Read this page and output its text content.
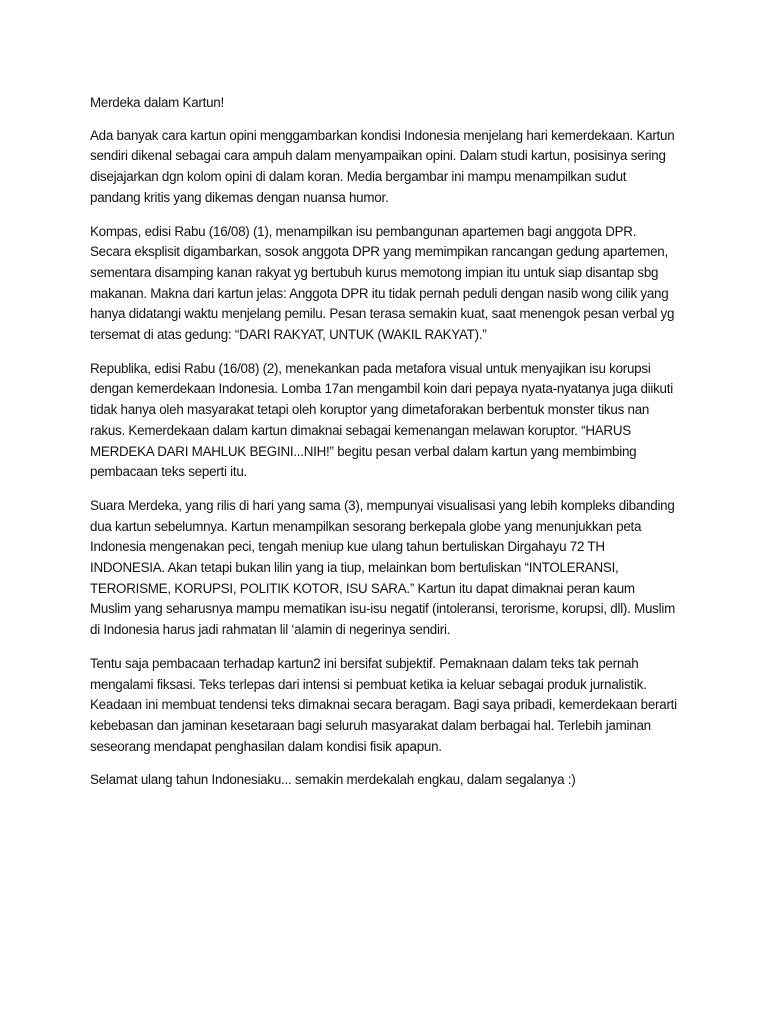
Merdeka dalam Kartun!

Ada banyak cara kartun opini menggambarkan kondisi Indonesia menjelang hari kemerdekaan. Kartun sendiri dikenal sebagai cara ampuh dalam menyampaikan opini. Dalam studi kartun, posisinya sering disejajarkan dgn kolom opini di dalam koran. Media bergambar ini mampu menampilkan sudut pandang kritis yang dikemas dengan nuansa humor.

Kompas, edisi Rabu (16/08) (1), menampilkan isu pembangunan apartemen bagi anggota DPR. Secara eksplisit digambarkan, sosok anggota DPR yang memimpikan rancangan gedung apartemen, sementara disamping kanan rakyat yg bertubuh kurus memotong impian itu untuk siap disantap sbg makanan. Makna dari kartun jelas: Anggota DPR itu tidak pernah peduli dengan nasib wong cilik yang hanya didatangi waktu menjelang pemilu. Pesan terasa semakin kuat, saat menengok pesan verbal yg tersemat di atas gedung: “DARI RAKYAT, UNTUK (WAKIL RAKYAT).”

Republika, edisi Rabu (16/08) (2), menekankan pada metafora visual untuk menyajikan isu korupsi dengan kemerdekaan Indonesia. Lomba 17an mengambil koin dari pepaya nyata-nyatanya juga diikuti tidak hanya oleh masyarakat tetapi oleh koruptor yang dimetaforakan berbentuk monster tikus nan rakus. Kemerdekaan dalam kartun dimaknai sebagai kemenangan melawan koruptor. “HARUS MERDEKA DARI MAHLUK BEGINI...NIH!” begitu pesan verbal dalam kartun yang membimbing pembacaan teks seperti itu.

Suara Merdeka, yang rilis di hari yang sama (3), mempunyai visualisasi yang lebih kompleks dibanding dua kartun sebelumnya. Kartun menampilkan sesorang berkepala globe yang menunjukkan peta Indonesia mengenakan peci, tengah meniup kue ulang tahun bertuliskan Dirgahayu 72 TH INDONESIA. Akan tetapi bukan lilin yang ia tiup, melainkan bom bertuliskan “INTOLERANSI, TERORISME, KORUPSI, POLITIK KOTOR, ISU SARA.” Kartun itu dapat dimaknai peran kaum Muslim yang seharusnya mampu mematikan isu-isu negatif (intoleransi, terorisme, korupsi, dll). Muslim di Indonesia harus jadi rahmatan lil ‘alamin di negerinya sendiri.

Tentu saja pembacaan terhadap kartun2 ini bersifat subjektif. Pemaknaan dalam teks tak pernah mengalami fiksasi. Teks terlepas dari intensi si pembuat ketika ia keluar sebagai produk jurnalistik. Keadaan ini membuat tendensi teks dimaknai secara beragam. Bagi saya pribadi, kemerdekaan berarti kebebasan dan jaminan kesetaraan bagi seluruh masyarakat dalam berbagai hal. Terlebih jaminan seseorang mendapat penghasilan dalam kondisi fisik apapun.

Selamat ulang tahun Indonesiaku... semakin merdekalah engkau, dalam segalanya :)
